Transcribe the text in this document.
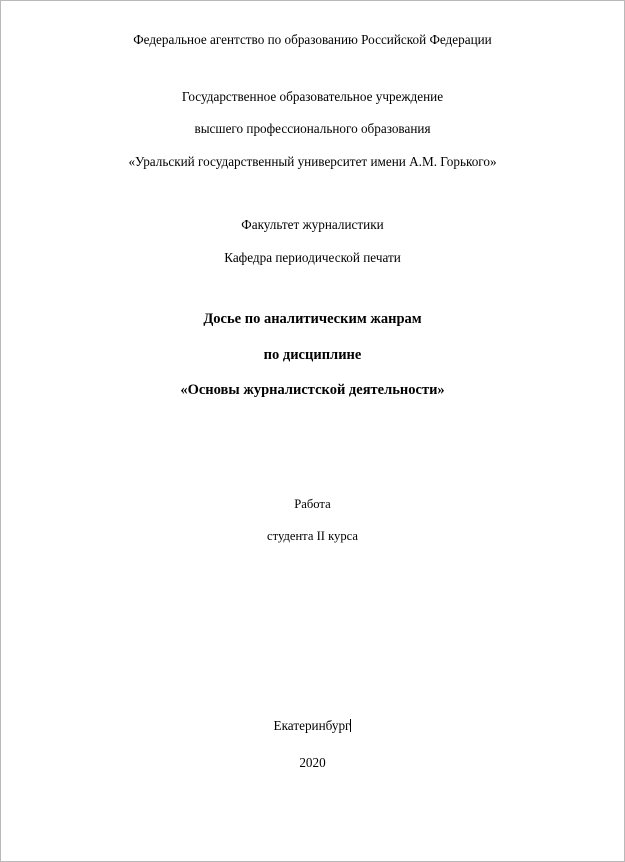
Федеральное агентство по образованию Российской Федерации
Государственное образовательное учреждение
высшего профессионального образования
«Уральский государственный университет имени А.М. Горького»
Факультет журналистики
Кафедра периодической печати
Досье по аналитическим жанрам
по дисциплине
«Основы журналистской деятельности»
Работа
студента II курса
Екатеринбург
2020
